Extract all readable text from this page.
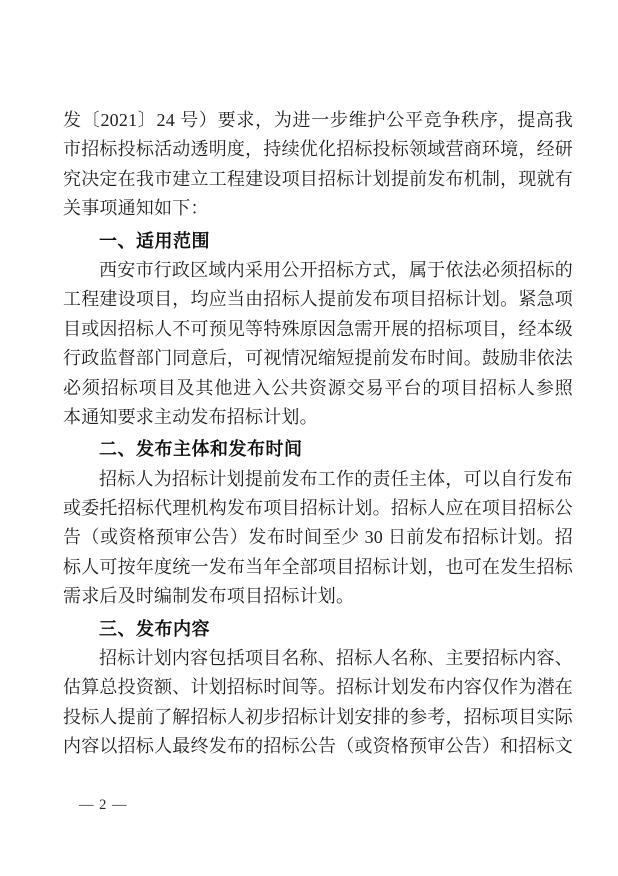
发〔2021〕24 号）要求，为进一步维护公平竞争秩序，提高我
市招标投标活动透明度，持续优化招标投标领域营商环境，经研
究决定在我市建立工程建设项目招标计划提前发布机制，现就有
关事项通知如下：
一、适用范围
西安市行政区域内采用公开招标方式，属于依法必须招标的
工程建设项目，均应当由招标人提前发布项目招标计划。紧急项
目或因招标人不可预见等特殊原因急需开展的招标项目，经本级
行政监督部门同意后，可视情况缩短提前发布时间。鼓励非依法
必须招标项目及其他进入公共资源交易平台的项目招标人参照
本通知要求主动发布招标计划。
二、发布主体和发布时间
招标人为招标计划提前发布工作的责任主体，可以自行发布
或委托招标代理机构发布项目招标计划。招标人应在项目招标公
告（或资格预审公告）发布时间至少 30 日前发布招标计划。招
标人可按年度统一发布当年全部项目招标计划，也可在发生招标
需求后及时编制发布项目招标计划。
三、发布内容
招标计划内容包括项目名称、招标人名称、主要招标内容、
估算总投资额、计划招标时间等。招标计划发布内容仅作为潜在
投标人提前了解招标人初步招标计划安排的参考，招标项目实际
内容以招标人最终发布的招标公告（或资格预审公告）和招标文
— 2 —
